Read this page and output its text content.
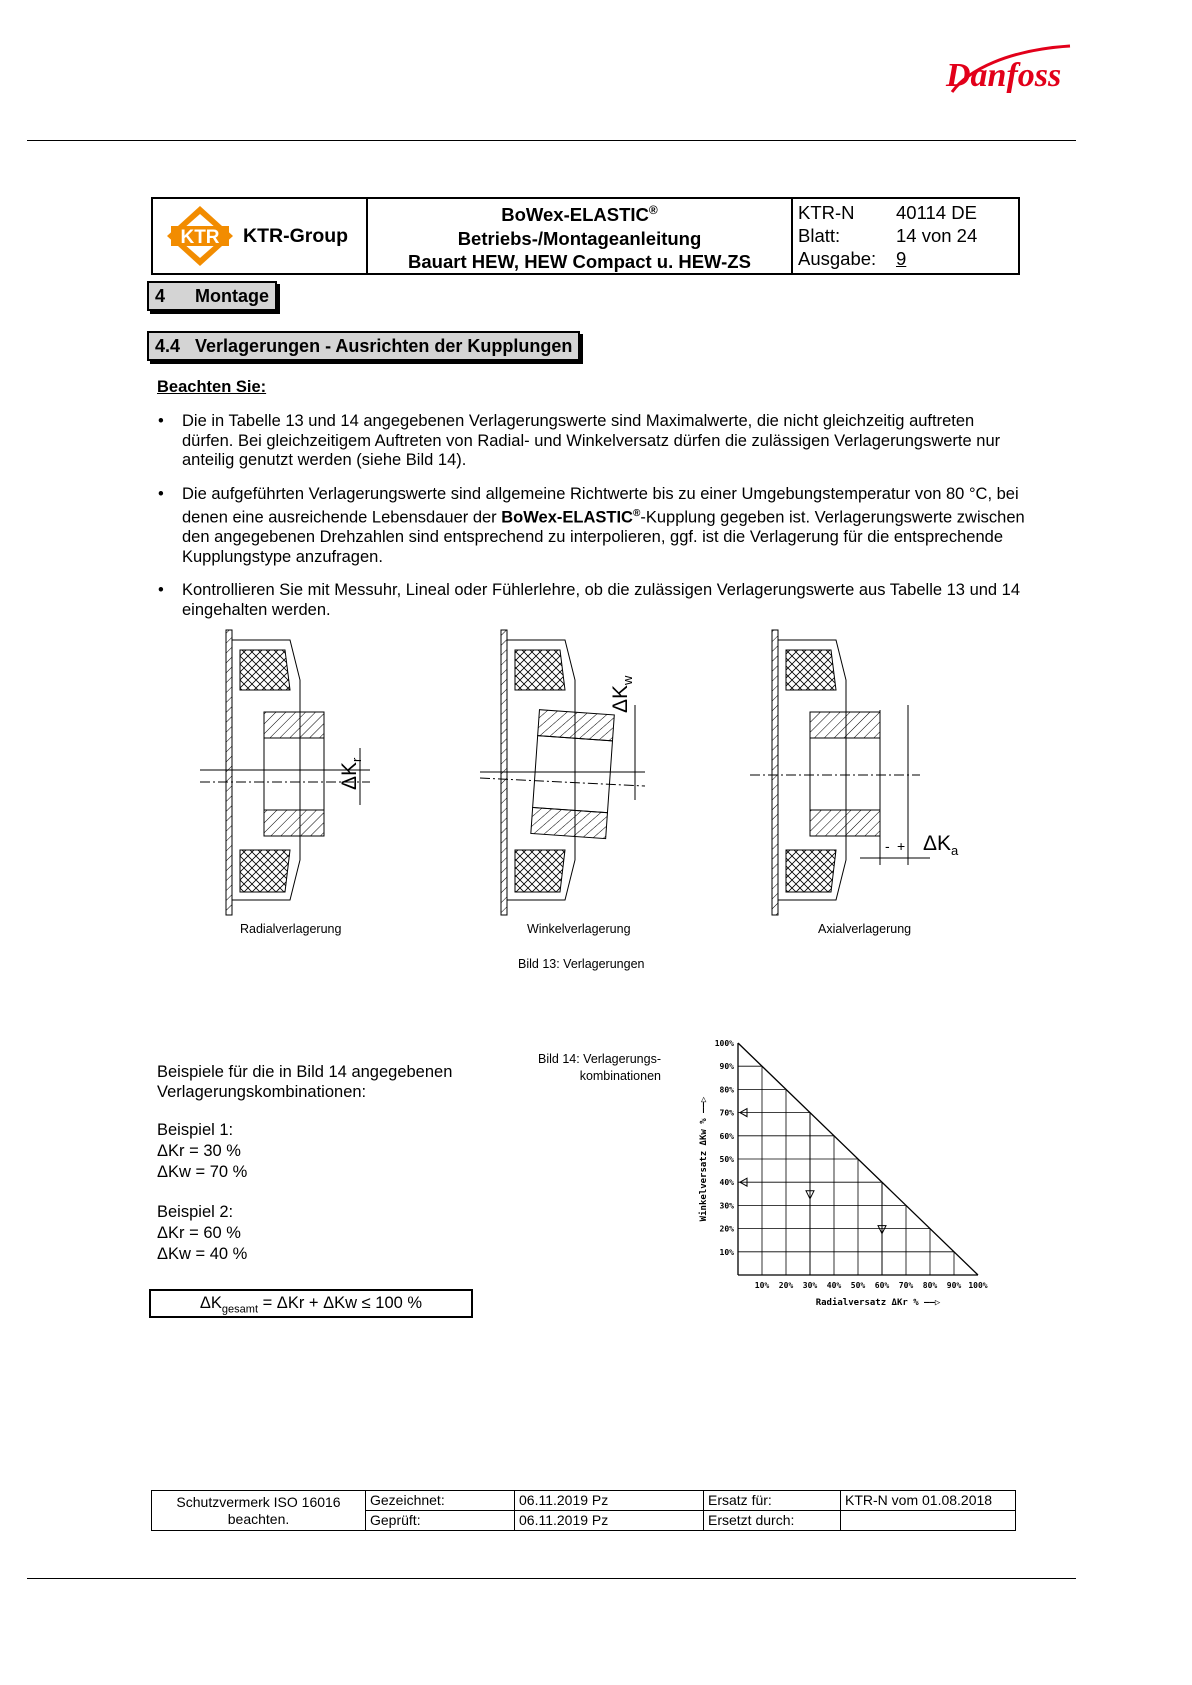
Danfoss
KTR KTR-Group
BoWex-ELASTIC®
Betriebs-/Montageanleitung
Bauart HEW, HEW Compact u. HEW-ZS
KTR-N	40114 DE
Blatt:	14 von 24
Ausgabe:	9
4      Montage
4.4   Verlagerungen - Ausrichten der Kupplungen
Beachten Sie:
• Die in Tabelle 13 und 14 angegebenen Verlagerungswerte sind Maximalwerte, die nicht gleichzeitig auftreten dürfen. Bei gleichzeitigem Auftreten von Radial- und Winkelversatz dürfen die zulässigen Verlagerungswerte nur anteilig genutzt werden (siehe Bild 14).
• Die aufgeführten Verlagerungswerte sind allgemeine Richtwerte bis zu einer Umgebungstemperatur von 80 °C, bei denen eine ausreichende Lebensdauer der BoWex-ELASTIC®-Kupplung gegeben ist. Verlagerungswerte zwischen den angegebenen Drehzahlen sind entsprechend zu interpolieren, ggf. ist die Verlagerung für die entsprechende Kupplungstype anzufragen.
• Kontrollieren Sie mit Messuhr, Lineal oder Fühlerlehre, ob die zulässigen Verlagerungswerte aus Tabelle 13 und 14 eingehalten werden.
$\Delta K_r$
$\Delta K_w$
- + $\Delta K_a$
Radialverlagerung	Winkelverlagerung	Axialverlagerung
Bild 13: Verlagerungen
Beispiele für die in Bild 14 angegebenen Verlagerungskombinationen:
Beispiel 1:
ΔKr = 30 %
ΔKw = 70 %
Beispiel 2:
ΔKr = 60 %
ΔKw = 40 %
$\Delta K_{gesamt} = \Delta Kr + \Delta Kw \le 100$ %
Bild 14: Verlagerungs-
kombinationen
10% 20% 30% 40% 50% 60% 70% 80% 90% 100%
10%
20%
30%
40%
50%
60%
70%
80%
90%
100%
Radialversatz ΔKr % ——▷
Winkelversatz ΔKw % ——▷
Schutzvermerk ISO 16016
beachten.	Gezeichnet:	06.11.2019 Pz	Ersatz für:	KTR-N vom 01.08.2018
	Geprüft:	06.11.2019 Pz	Ersetzt durch:	
